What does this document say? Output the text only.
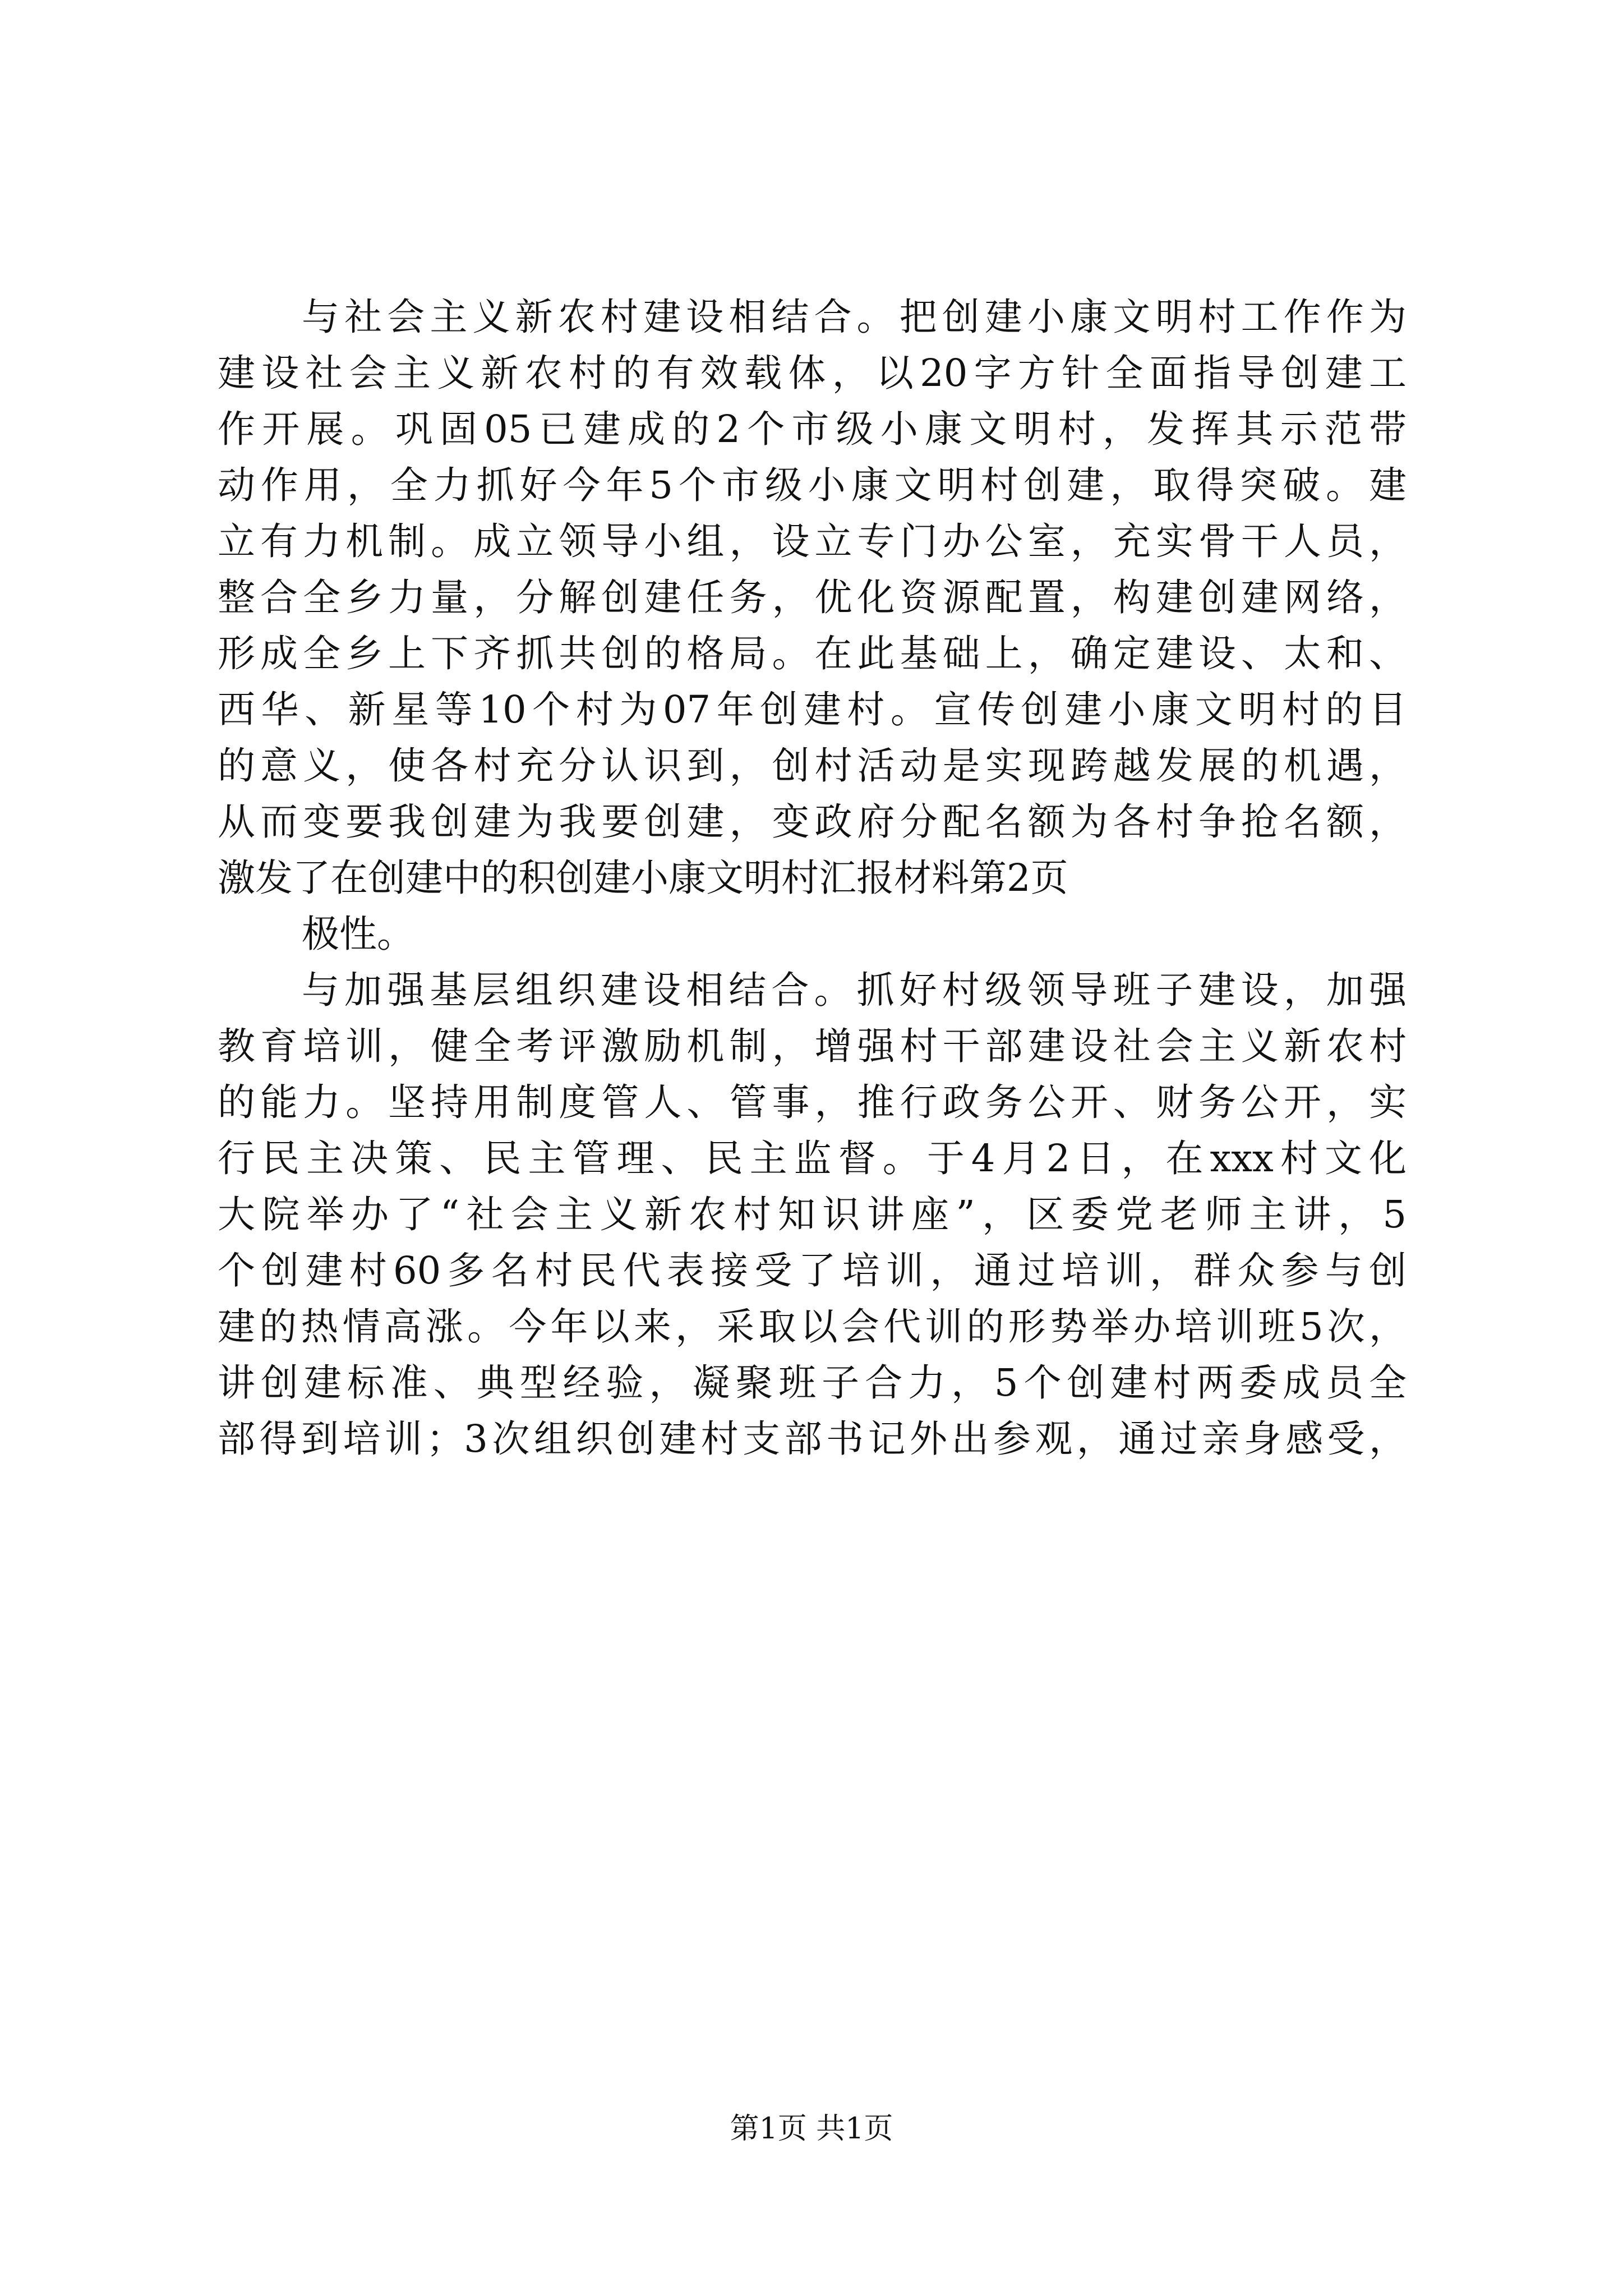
与社会主义新农村建设相结合。把创建小康文明村工作作为
建设社会主义新农村的有效载体，以20字方针全面指导创建工
作开展。巩固05已建成的2个市级小康文明村，发挥其示范带
动作用，全力抓好今年5个市级小康文明村创建，取得突破。建
立有力机制。成立领导小组，设立专门办公室，充实骨干人员，
整合全乡力量，分解创建任务，优化资源配置，构建创建网络，
形成全乡上下齐抓共创的格局。在此基础上，确定建设、太和、
西华、新星等10个村为07年创建村。宣传创建小康文明村的目
的意义，使各村充分认识到，创村活动是实现跨越发展的机遇，
从而变要我创建为我要创建，变政府分配名额为各村争抢名额，
激发了在创建中的积创建小康文明村汇报材料第2页
极性。
与加强基层组织建设相结合。抓好村级领导班子建设，加强
教育培训，健全考评激励机制，增强村干部建设社会主义新农村
的能力。坚持用制度管人、管事，推行政务公开、财务公开，实
行民主决策、民主管理、民主监督。于4月2日，在xxx村文化
大院举办了“社会主义新农村知识讲座”，区委党老师主讲，5
个创建村60多名村民代表接受了培训，通过培训，群众参与创
建的热情高涨。今年以来，采取以会代训的形势举办培训班5次，
讲创建标准、典型经验，凝聚班子合力，5个创建村两委成员全
部得到培训；3次组织创建村支部书记外出参观，通过亲身感受，
第1页 共1页
